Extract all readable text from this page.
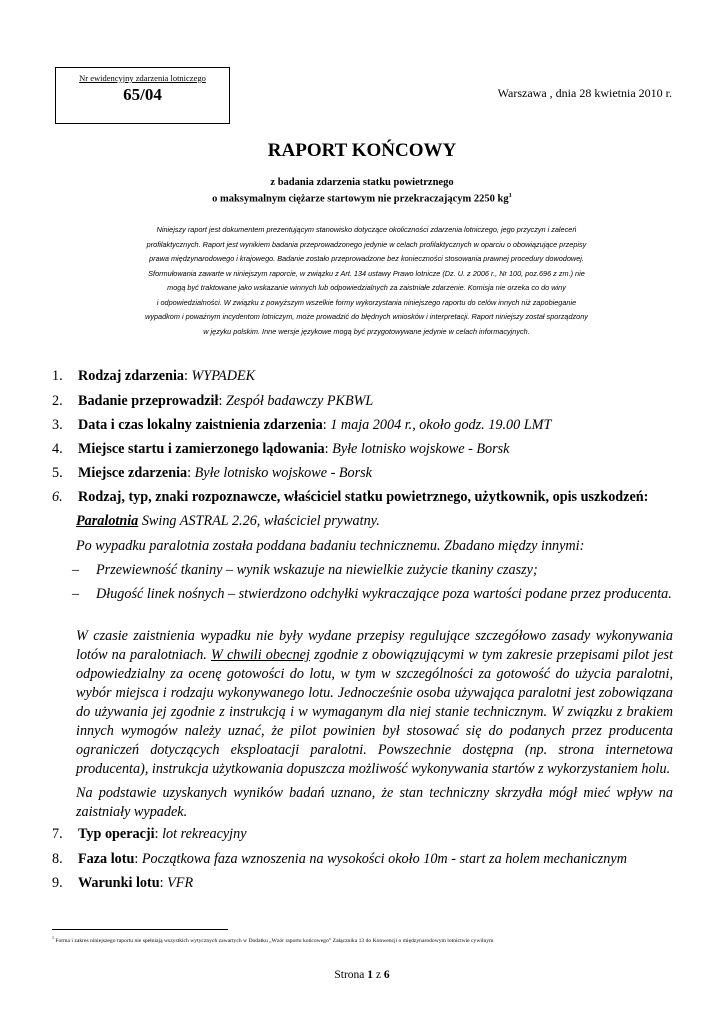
Nr ewidencyjny zdarzenia lotniczego
65/04	Warszawa , dnia 28 kwietnia 2010 r.
RAPORT KOŃCOWY
z badania zdarzenia statku powietrznego
o maksymalnym ciężarze startowym nie przekraczającym 2250 $kg^1$
Niniejszy raport jest dokumentem prezentującym stanowisko dotyczące okoliczności zdarzenia lotniczego, jego przyczyn i zaleceń
profilaktycznych. Raport jest wynikiem badania przeprowadzonego jedynie w celach profilaktycznych w oparciu o obowiązujące przepisy
prawa międzynarodowego i krajowego. Badanie zostało przeprowadzone bez konieczności stosowania prawnej procedury dowodowej.
Sformułowania zawarte w niniejszym raporcie, w związku z Art. 134 ustawy Prawo lotnicze (Dz. U. z 2006 r., Nr 100, poz.696 z zm.) nie
mogą być traktowane jako wskazanie winnych lub odpowiedzialnych za zaistniałe zdarzenie. Komisja nie orzeka co do winy
i odpowiedzialności. W związku z powyższym wszelkie formy wykorzystania niniejszego raportu do celów innych niż zapobieganie
wypadkom i poważnym incydentom lotniczym, może prowadzić do błędnych wniosków i interpretacji. Raport niniejszy został sporządzony
w języku polskim. Inne wersje językowe mogą być przygotowywane jedynie w celach informacyjnych.
1. Rodzaj zdarzenia: WYPADEK
2. Badanie przeprowadził: Zespół badawczy PKBWL
3. Data i czas lokalny zaistnienia zdarzenia: 1 maja 2004 r., około godz. 19.00 LMT
4. Miejsce startu i zamierzonego lądowania: Byłe lotnisko wojskowe - Borsk
5. Miejsce zdarzenia: Byłe lotnisko wojskowe - Borsk
6. Rodzaj, typ, znaki rozpoznawcze, właściciel statku powietrznego, użytkownik, opis uszkodzeń:
Paralotnia Swing ASTRAL 2.26, właściciel prywatny.
Po wypadku paralotnia została poddana badaniu technicznemu. Zbadano między innymi:
– Przewiewność tkaniny – wynik wskazuje na niewielkie zużycie tkaniny czaszy;
– Długość linek nośnych – stwierdzono odchyłki wykraczające poza wartości podane przez producenta.
W czasie zaistnienia wypadku nie były wydane przepisy regulujące szczegółowo zasady wykonywania lotów na paralotniach. W chwili obecnej zgodnie z obowiązującymi w tym zakresie przepisami pilot jest odpowiedzialny za ocenę gotowości do lotu, w tym w szczególności za gotowość do użycia paralotni, wybór miejsca i rodzaju wykonywanego lotu. Jednocześnie osoba używająca paralotni jest zobowiązana do używania jej zgodnie z instrukcją i w wymaganym dla niej stanie technicznym. W związku z brakiem innych wymogów należy uznać, że pilot powinien był stosować się do podanych przez producenta ograniczeń dotyczących eksploatacji paralotni. Powszechnie dostępna (np. strona internetowa producenta), instrukcja użytkowania dopuszcza możliwość wykonywania startów z wykorzystaniem holu.
Na podstawie uzyskanych wyników badań uznano, że stan techniczny skrzydła mógł mieć wpływ na zaistniały wypadek.
7. Typ operacji: lot rekreacyjny
8. Faza lotu: Początkowa faza wznoszenia na wysokości około 10m - start za holem mechanicznym
9. Warunki lotu: VFR
$^1$ Forma i zakres niniejszego raportu nie spełniają wszystkich wytycznych zawartych w Dodatku „Wzór raportu końcowego” Załącznika 13 do Konwencji o międzynarodowym lotnictwie cywilnym
Strona 1 z 6
